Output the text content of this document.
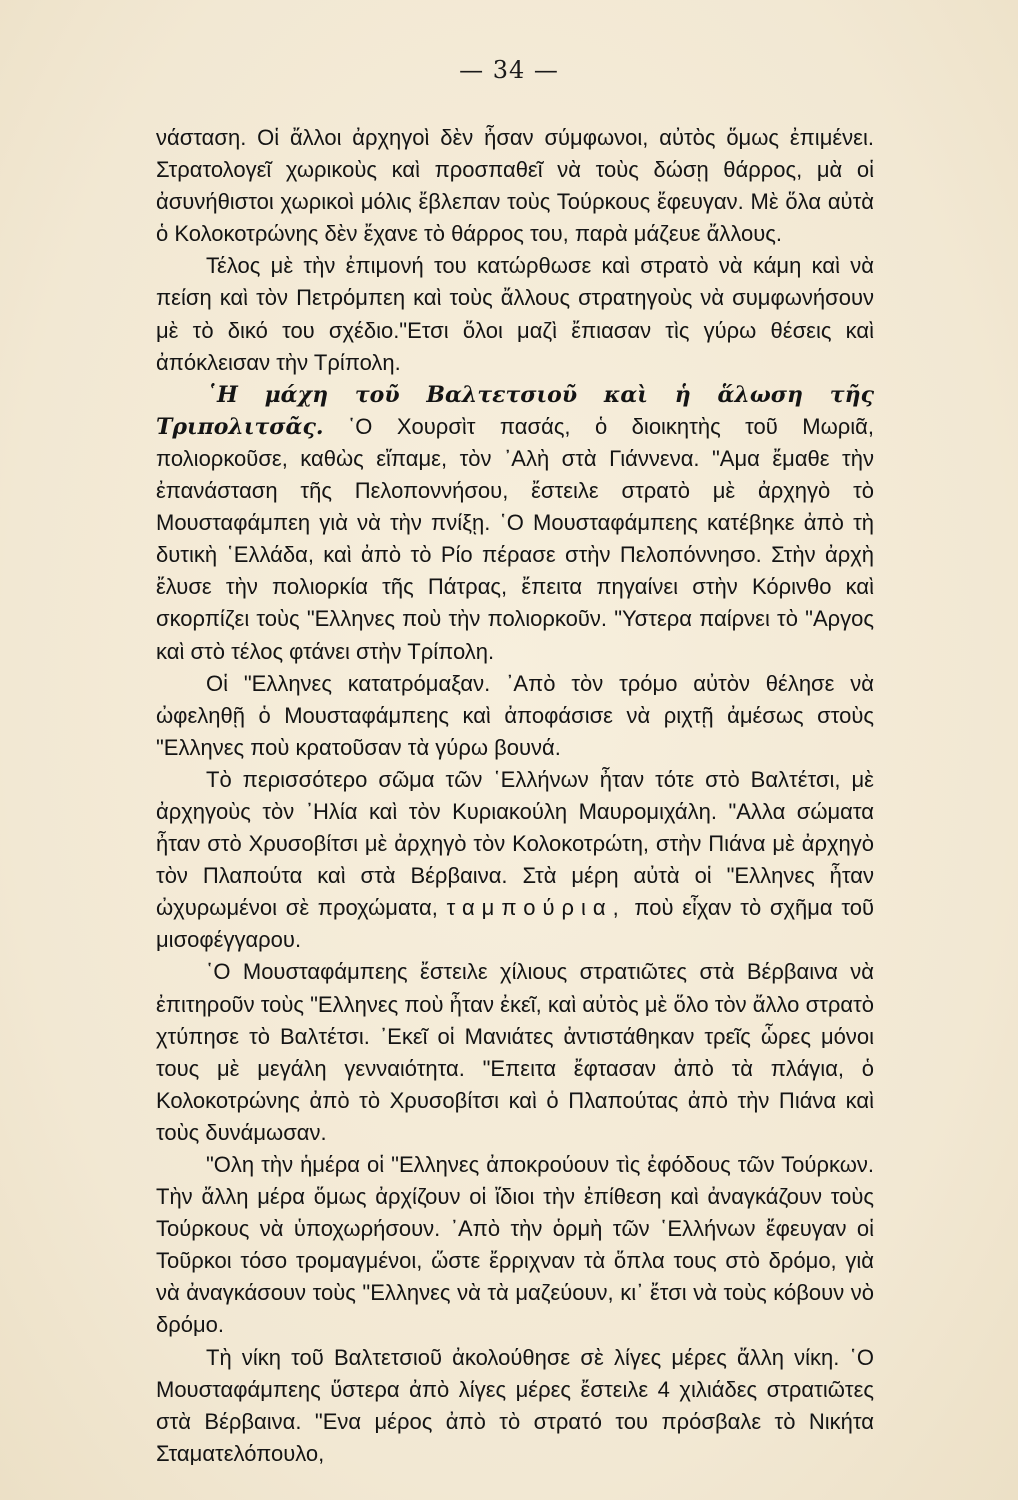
— 34 —

νάσταση. Οἱ ἄλλοι ἀρχηγοὶ δὲν ἦσαν σύμφωνοι, αὐτὸς ὅμως ἐπιμένει. Στρατολογεῖ χωρικοὺς καὶ προσπαθεῖ νὰ τοὺς δώσῃ θάρρος, μὰ οἱ ἀσυνήθιστοι χωρικοὶ μόλις ἔβλεπαν τοὺς Τούρκους ἔφευγαν. Μὲ ὅλα αὐτὰ ὁ Κολοκοτρώνης δὲν ἔχανε τὸ θάρρος του, παρὰ μάζευε ἄλλους.

Τέλος μὲ τὴν ἐπιμονή του κατώρθωσε καὶ στρατὸ νὰ κάμη καὶ νὰ πείση καὶ τὸν Πετρόμπεη καὶ τοὺς ἄλλους στρατηγοὺς νὰ συμφωνήσουν μὲ τὸ δικό του σχέδιο."Ετσι ὅλοι μαζὶ ἔπιασαν τὶς γύρω θέσεις καὶ ἀπόκλεισαν τὴν Τρίπολη.

῾Η μάχη τοῦ Βαλτετσιοῦ καὶ ἡ ἅλωση τῆς Τριπολιτσᾶς. ῾Ο Χουρσὶτ πασάς, ὁ διοικητὴς τοῦ Μωριᾶ, πολιορκοῦσε, καθὼς εἴπαμε, τὸν ᾿Αλὴ στὰ Γιάννενα. "Αμα ἔμαθε τὴν ἐπανάσταση τῆς Πελοποννήσου, ἔστειλε στρατὸ μὲ ἀρχηγὸ τὸ Μουσταφάμπεη γιὰ νὰ τὴν πνίξῃ. ῾Ο Μουσταφάμπεης κατέβηκε ἀπὸ τὴ δυτικὴ ῾Ελλάδα, καὶ ἀπὸ τὸ Ρίο πέρασε στὴν Πελοπόννησο. Στὴν ἀρχὴ ἔλυσε τὴν πολιορκία τῆς Πάτρας, ἔπειτα πηγαίνει στὴν Κόρινθο καὶ σκορπίζει τοὺς "Ελληνες ποὺ τὴν πολιορκοῦν. "Υστερα παίρνει τὸ "Αργος καὶ στὸ τέλος φτάνει στὴν Τρίπολη.

Οἱ "Ελληνες κατατρόμαξαν. ᾿Απὸ τὸν τρόμο αὐτὸν θέλησε νὰ ὠφεληθῇ ὁ Μουσταφάμπεης καὶ ἀποφάσισε νὰ ριχτῇ ἀμέσως στοὺς "Ελληνες ποὺ κρατοῦσαν τὰ γύρω βουνά.

Τὸ περισσότερο σῶμα τῶν ῾Ελλήνων ἦταν τότε στὸ Βαλτέτσι, μὲ ἀρχηγοὺς τὸν ᾿Ηλία καὶ τὸν Κυριακούλη Μαυρομιχάλη. "Αλλα σώματα ἦταν στὸ Χρυσοβίτσι μὲ ἀρχηγὸ τὸν Κολοκοτρώτη, στὴν Πιάνα μὲ ἀρχηγὸ τὸν Πλαπούτα καὶ στὰ Βέρβαινα. Στὰ μέρη αὐτὰ οἱ "Ελληνες ἦταν ὠχυρωμένοι σὲ προχώματα, ταμπούρια, ποὺ εἶχαν τὸ σχῆμα τοῦ μισοφέγγαρου.

῾Ο Μουσταφάμπεης ἔστειλε χίλιους στρατιῶτες στὰ Βέρβαινα νὰ ἐπιτηροῦν τοὺς "Ελληνες ποὺ ἦταν ἐκεῖ, καὶ αὐτὸς μὲ ὅλο τὸν ἄλλο στρατὸ χτύπησε τὸ Βαλτέτσι. ᾿Εκεῖ οἱ Μανιάτες ἀντιστάθηκαν τρεῖς ὧρες μόνοι τους μὲ μεγάλη γενναιότητα. "Επειτα ἔφτασαν ἀπὸ τὰ πλάγια, ὁ Κολοκοτρώνης ἀπὸ τὸ Χρυσοβίτσι καὶ ὁ Πλαπούτας ἀπὸ τὴν Πιάνα καὶ τοὺς δυνάμωσαν.

"Ολη τὴν ἡμέρα οἱ "Ελληνες ἀποκρούουν τὶς ἐφόδους τῶν Τούρκων. Τὴν ἄλλη μέρα ὅμως ἀρχίζουν οἱ ἴδιοι τὴν ἐπίθεση καὶ ἀναγκάζουν τοὺς Τούρκους νὰ ὑποχωρήσουν. ᾿Απὸ τὴν ὁρμὴ τῶν ῾Ελλήνων ἔφευγαν οἱ Τοῦρκοι τόσο τρομαγμένοι, ὥστε ἔρριχναν τὰ ὅπλα τους στὸ δρόμο, γιὰ νὰ ἀναγκάσουν τοὺς "Ελληνες νὰ τὰ μαζεύουν, κι᾿ ἔτσι νὰ τοὺς κόβουν νὸ δρόμο.

Τὴ νίκη τοῦ Βαλτετσιοῦ ἀκολούθησε σὲ λίγες μέρες ἄλλη νίκη. ῾Ο Μουσταφάμπεης ὕστερα ἀπὸ λίγες μέρες ἔστειλε 4 χιλιάδες στρατιῶτες στὰ Βέρβαινα. "Ενα μέρος ἀπὸ τὸ στρατό του πρόσβαλε τὸ Νικήτα Σταματελόπουλο,
